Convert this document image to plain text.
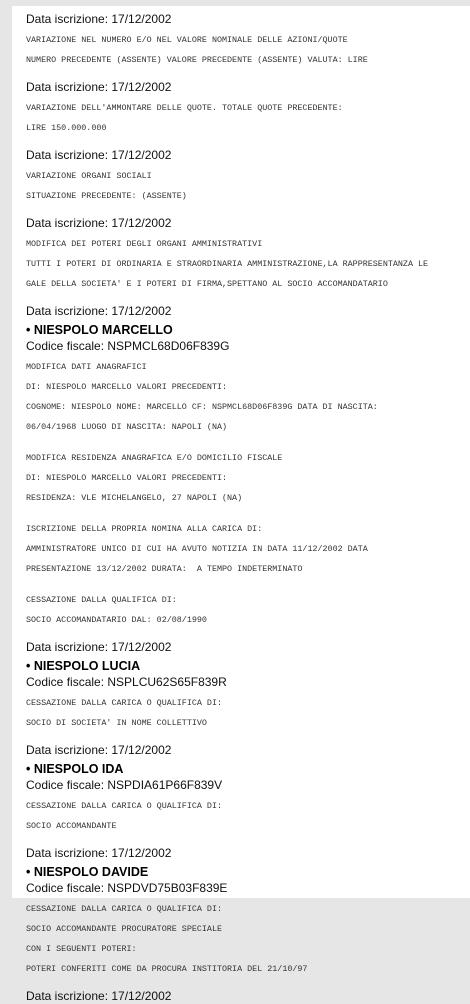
Data iscrizione: 17/12/2002
VARIAZIONE NEL NUMERO E/O NEL VALORE NOMINALE DELLE AZIONI/QUOTE
NUMERO PRECEDENTE (ASSENTE) VALORE PRECEDENTE (ASSENTE) VALUTA: LIRE
Data iscrizione: 17/12/2002
VARIAZIONE DELL'AMMONTARE DELLE QUOTE. TOTALE QUOTE PRECEDENTE:
LIRE 150.000.000
Data iscrizione: 17/12/2002
VARIAZIONE ORGANI SOCIALI
SITUAZIONE PRECEDENTE: (ASSENTE)
Data iscrizione: 17/12/2002
MODIFICA DEI POTERI DEGLI ORGANI AMMINISTRATIVI
TUTTI I POTERI DI ORDINARIA E STRAORDINARIA AMMINISTRAZIONE,LA RAPPRESENTANZA LE
GALE DELLA SOCIETA' E I POTERI DI FIRMA,SPETTANO AL SOCIO ACCOMANDATARIO
Data iscrizione: 17/12/2002
• NIESPOLO MARCELLO
Codice fiscale: NSPMCL68D06F839G
MODIFICA DATI ANAGRAFICI
DI: NIESPOLO MARCELLO VALORI PRECEDENTI:
COGNOME: NIESPOLO NOME: MARCELLO CF: NSPMCL68D06F839G DATA DI NASCITA:
06/04/1968 LUOGO DI NASCITA: NAPOLI (NA)
MODIFICA RESIDENZA ANAGRAFICA E/O DOMICILIO FISCALE
DI: NIESPOLO MARCELLO VALORI PRECEDENTI:
RESIDENZA: VLE MICHELANGELO, 27 NAPOLI (NA)
ISCRIZIONE DELLA PROPRIA NOMINA ALLA CARICA DI:
AMMINISTRATORE UNICO DI CUI HA AVUTO NOTIZIA IN DATA 11/12/2002 DATA
PRESENTAZIONE 13/12/2002 DURATA:  A TEMPO INDETERMINATO
CESSAZIONE DALLA QUALIFICA DI:
SOCIO ACCOMANDATARIO DAL: 02/08/1990
Data iscrizione: 17/12/2002
• NIESPOLO LUCIA
Codice fiscale: NSPLCU62S65F839R
CESSAZIONE DALLA CARICA O QUALIFICA DI:
SOCIO DI SOCIETA' IN NOME COLLETTIVO
Data iscrizione: 17/12/2002
• NIESPOLO IDA
Codice fiscale: NSPDIA61P66F839V
CESSAZIONE DALLA CARICA O QUALIFICA DI:
SOCIO ACCOMANDANTE
Data iscrizione: 17/12/2002
• NIESPOLO DAVIDE
Codice fiscale: NSPDVD75B03F839E
CESSAZIONE DALLA CARICA O QUALIFICA DI:
SOCIO ACCOMANDANTE PROCURATORE SPECIALE
CON I SEGUENTI POTERI:
POTERI CONFERITI COME DA PROCURA INSTITORIA DEL 21/10/97
Data iscrizione: 17/12/2002
